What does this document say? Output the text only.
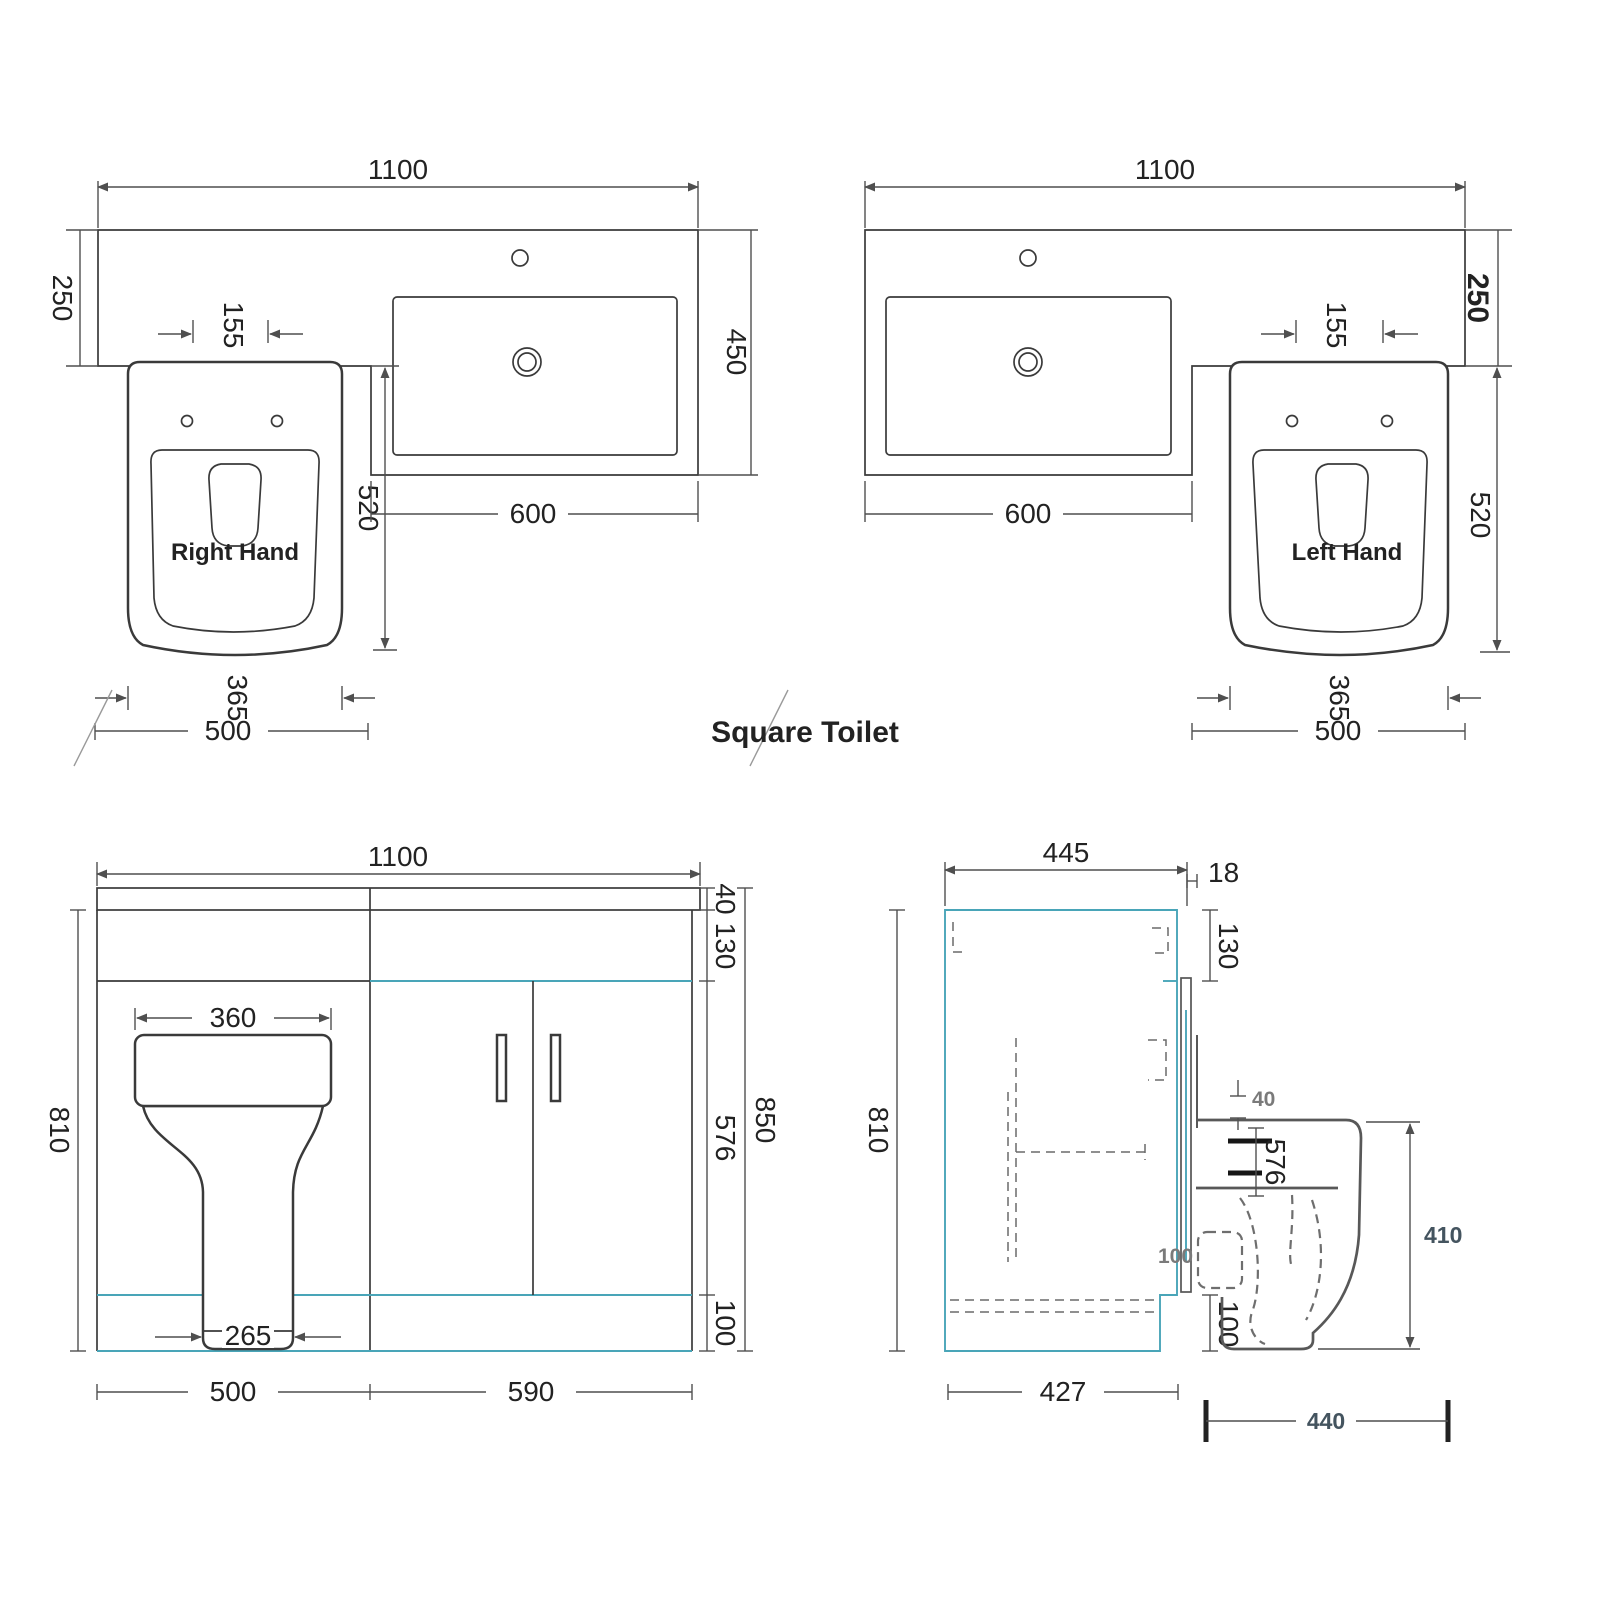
1100
250
450
Right Hand
155
520	600
365
500
1100
250
520
Left Hand
155
600
365
500
Square Toilet
1100
360
265
810
40
130
576
100
850
500	590
445
18
810
130
100
40
576
100
410
440
427
